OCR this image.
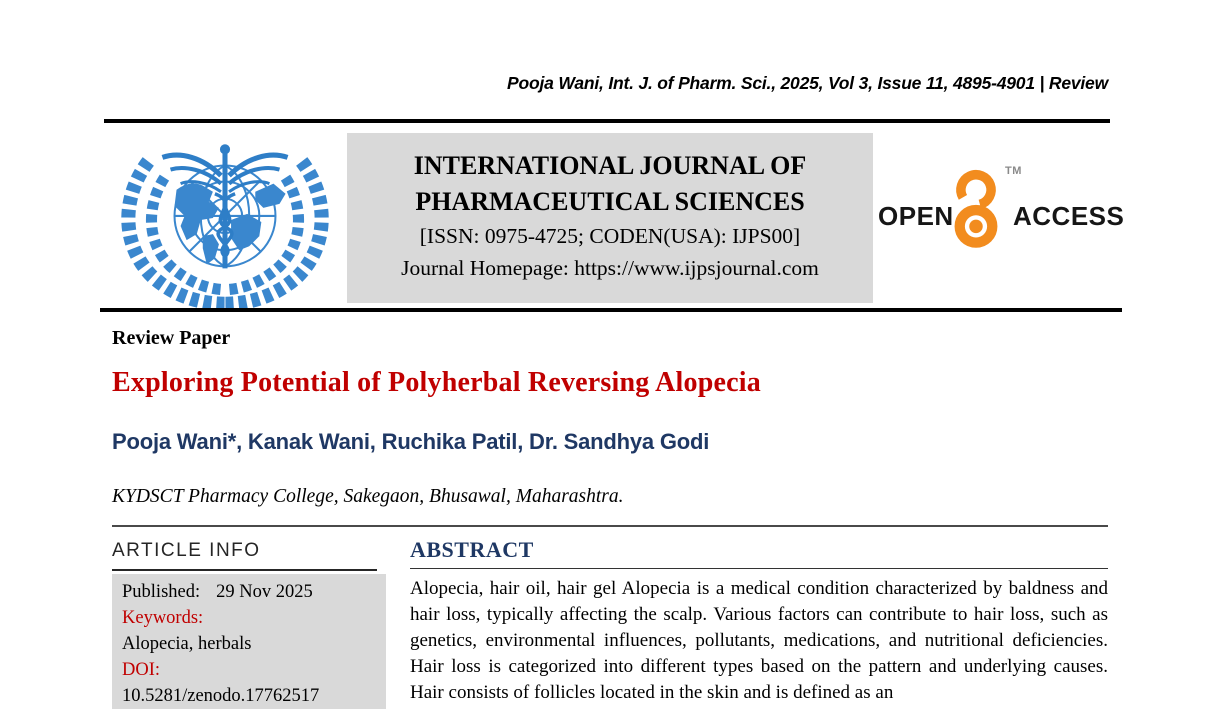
Pooja Wani, Int. J. of Pharm. Sci., 2025, Vol 3, Issue 11, 4895-4901 | Review
INTERNATIONAL JOURNAL OF
PHARMACEUTICAL SCIENCES
[ISSN: 0975-4725; CODEN(USA): IJPS00]
Journal Homepage: https://www.ijpsjournal.com
OPEN
TM
ACCESS
Review Paper
Exploring Potential of Polyherbal Reversing Alopecia
Pooja Wani*, Kanak Wani, Ruchika Patil, Dr. Sandhya Godi
KYDSCT Pharmacy College, Sakegaon, Bhusawal, Maharashtra.
ARTICLE INFO
Published: 29 Nov 2025
Keywords:
Alopecia, herbals
DOI:
10.5281/zenodo.17762517
ABSTRACT
Alopecia, hair oil, hair gel Alopecia is a medical condition characterized by baldness and hair loss, typically affecting the scalp. Various factors can contribute to hair loss, such as genetics, environmental influences, pollutants, medications, and nutritional deficiencies. Hair loss is categorized into different types based on the pattern and underlying causes. Hair consists of follicles located in the skin and is defined as an
